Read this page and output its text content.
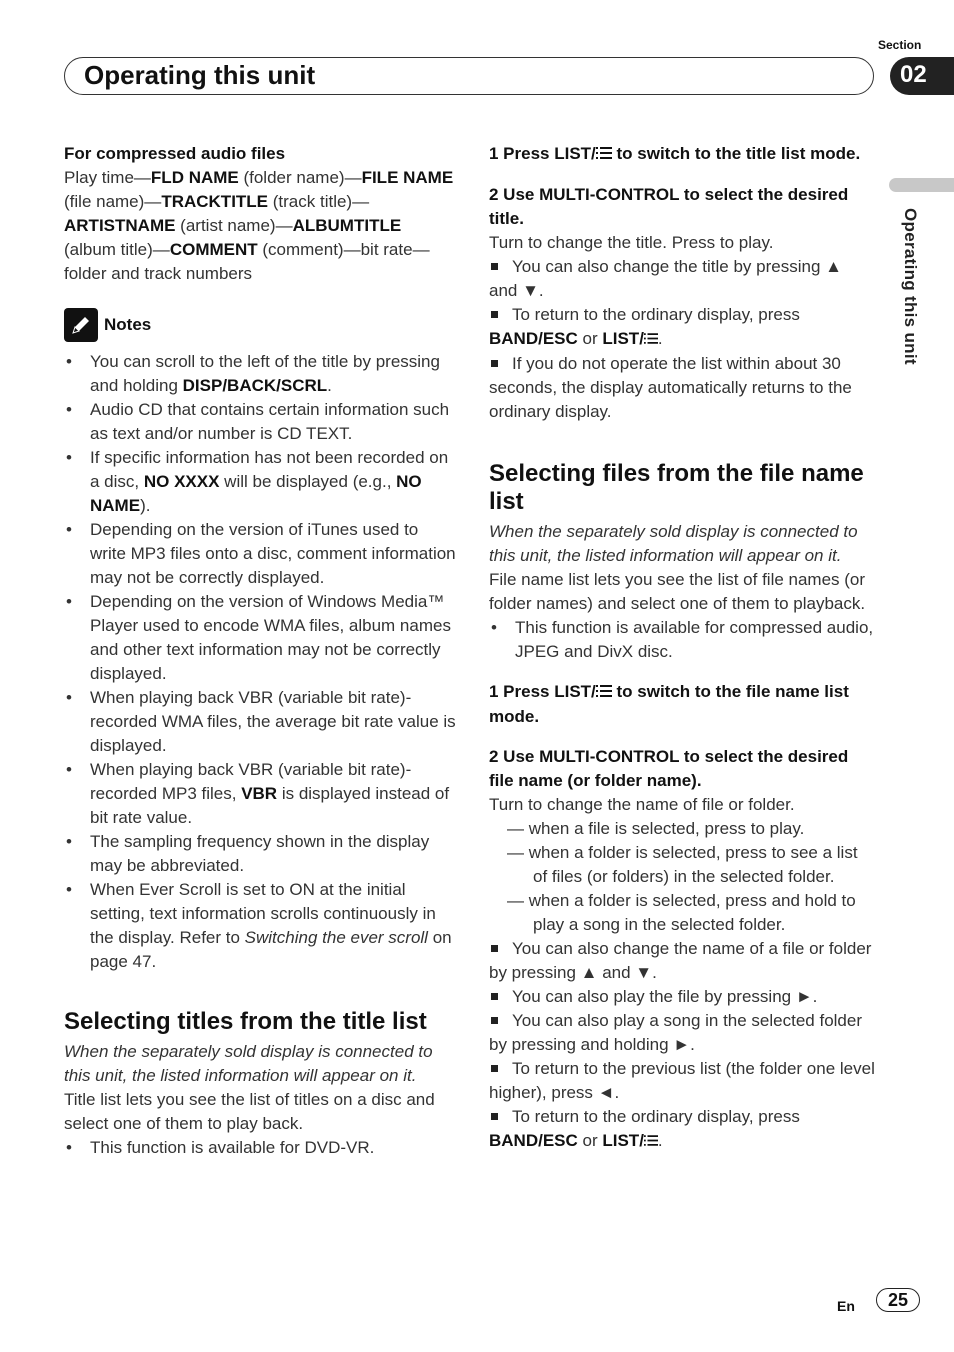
Section
Operating this unit	02
Operating this unit

For compressed audio files

Play time—FLD NAME (folder name)—FILE NAME (file name)—TRACKTITLE (track title)—ARTISTNAME (artist name)—ALBUMTITLE (album title)—COMMENT (comment)—bit rate—folder and track numbers

Notes
• You can scroll to the left of the title by pressing and holding DISP/BACK/SCRL.
• Audio CD that contains certain information such as text and/or number is CD TEXT.
• If specific information has not been recorded on a disc, NO XXXX will be displayed (e.g., NO NAME).
• Depending on the version of iTunes used to write MP3 files onto a disc, comment information may not be correctly displayed.
• Depending on the version of Windows Media™ Player used to encode WMA files, album names and other text information may not be correctly displayed.
• When playing back VBR (variable bit rate)-recorded WMA files, the average bit rate value is displayed.
• When playing back VBR (variable bit rate)-recorded MP3 files, VBR is displayed instead of bit rate value.
• The sampling frequency shown in the display may be abbreviated.
• When Ever Scroll is set to ON at the initial setting, text information scrolls continuously in the display. Refer to Switching the ever scroll on page 47.

Selecting titles from the title list

When the separately sold display is connected to this unit, the listed information will appear on it.

Title list lets you see the list of titles on a disc and select one of them to play back.

• This function is available for DVD-VR.

1 Press LIST/ to switch to the title list mode.

2 Use MULTI-CONTROL to select the desired title.

Turn to change the title. Press to play.

You can also change the title by pressing ▲ and ▼.

To return to the ordinary display, press BAND/ESC or LIST/ .

If you do not operate the list within about 30 seconds, the display automatically returns to the ordinary display.

Selecting files from the file name list

When the separately sold display is connected to this unit, the listed information will appear on it.

File name list lets you see the list of file names (or folder names) and select one of them to playback.

• This function is available for compressed audio, JPEG and DivX disc.

1 Press LIST/ to switch to the file name list mode.

2 Use MULTI-CONTROL to select the desired file name (or folder name).

Turn to change the name of file or folder.

— when a file is selected, press to play.

— when a folder is selected, press to see a list of files (or folders) in the selected folder.

— when a folder is selected, press and hold to play a song in the selected folder.

You can also change the name of a file or folder by pressing ▲ and ▼.

You can also play the file by pressing ►.

You can also play a song in the selected folder by pressing and holding ►.

To return to the previous list (the folder one level higher), press ◄.

To return to the ordinary display, press BAND/ESC or LIST/ .

En	25
